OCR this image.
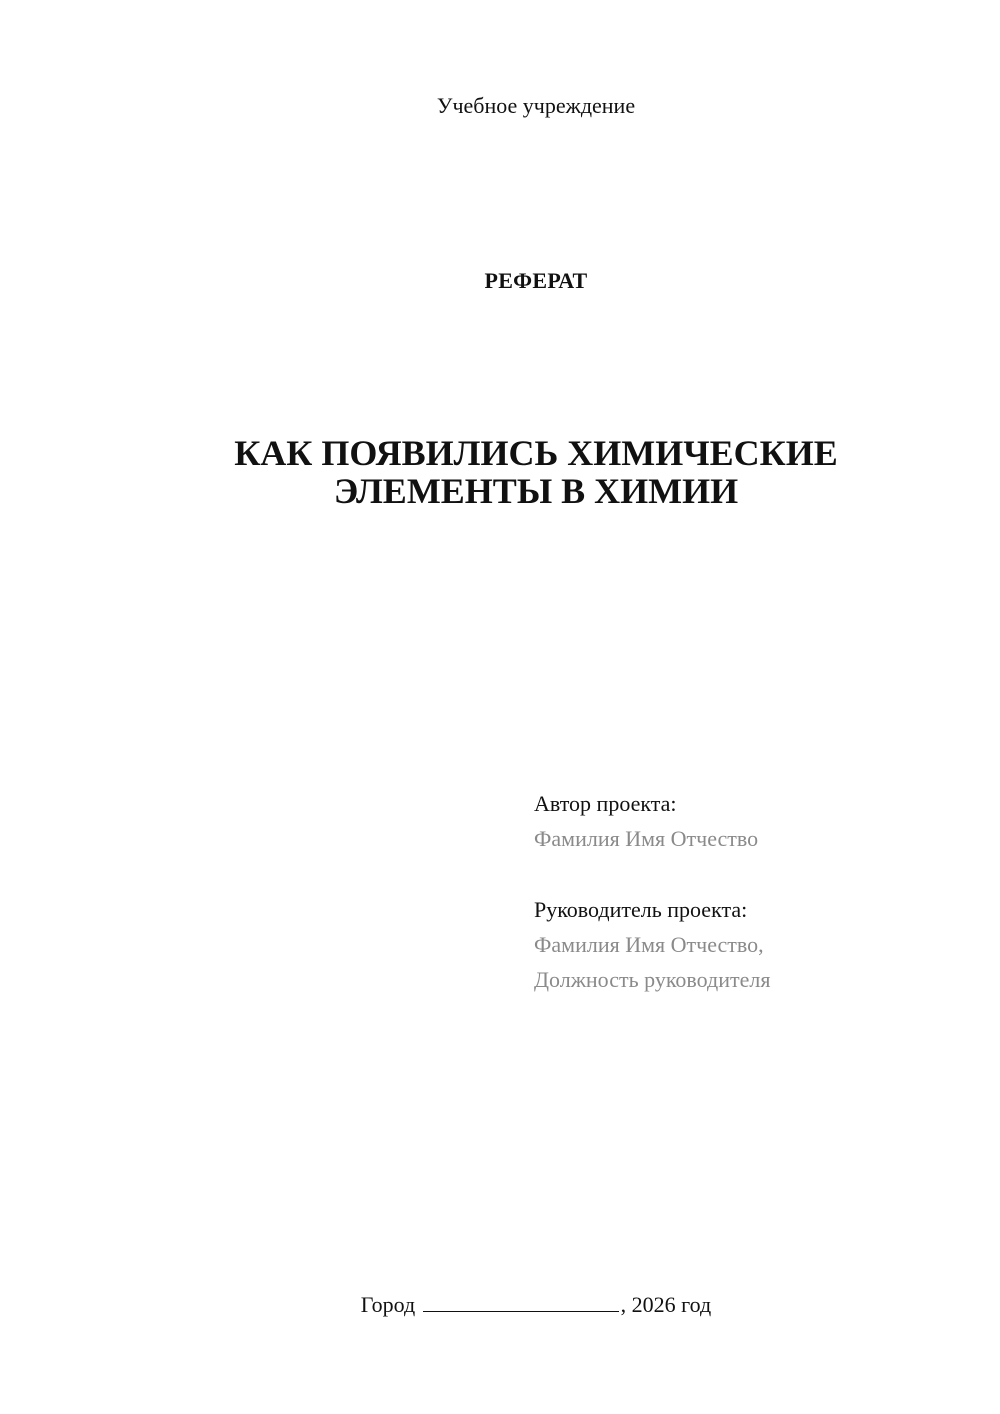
Учебное учреждение
РЕФЕРАТ
КАК ПОЯВИЛИСЬ ХИМИЧЕСКИЕ
ЭЛЕМЕНТЫ В ХИМИИ
Автор проекта:
Фамилия Имя Отчество
Руководитель проекта:
Фамилия Имя Отчество,
Должность руководителя
Город	, 2026 год
